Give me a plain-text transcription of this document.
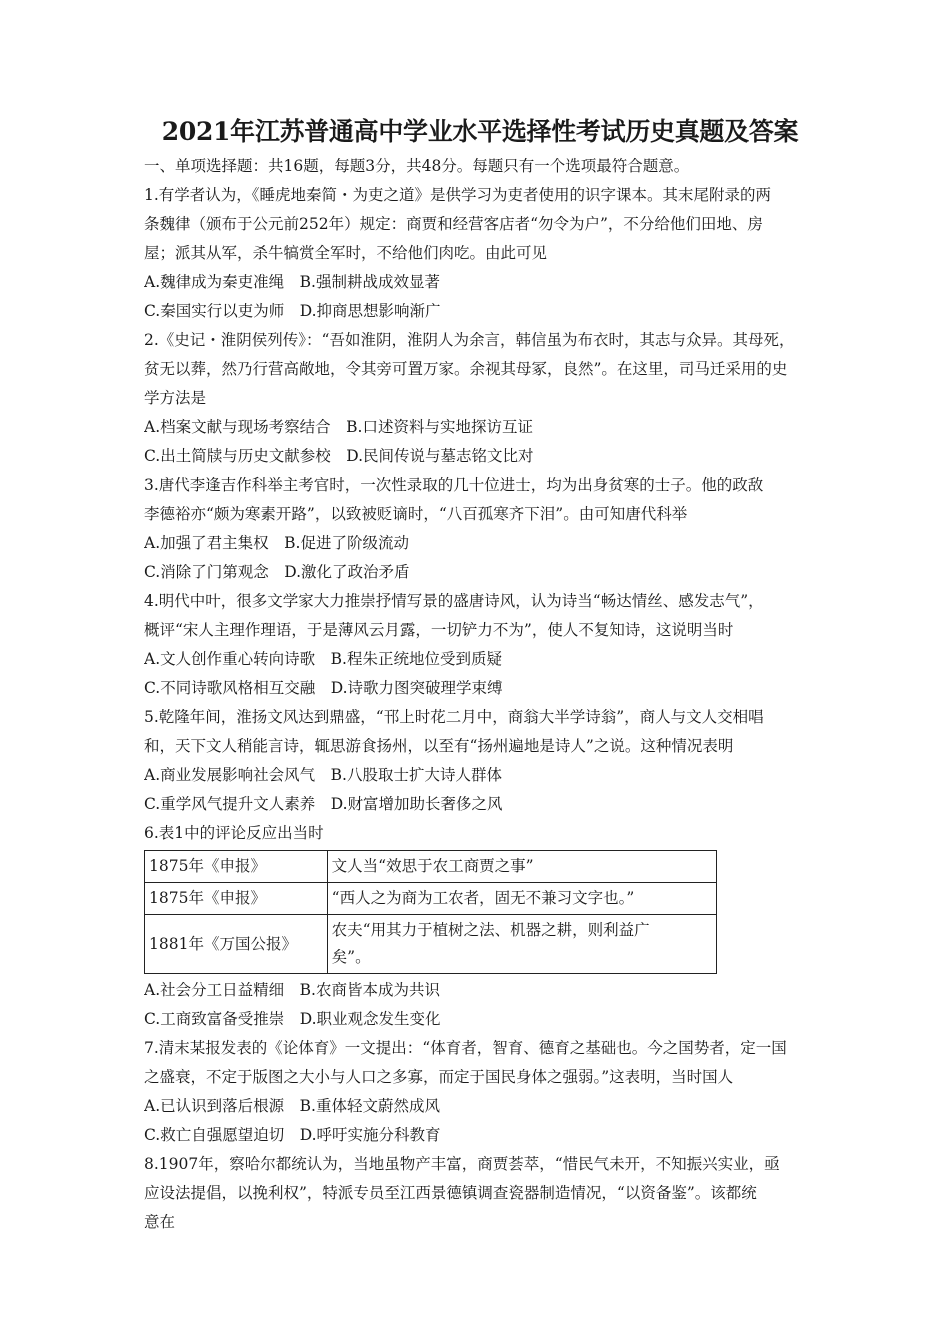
2021年江苏普通高中学业水平选择性考试历史真题及答案
一、单项选择题：共16题，每题3分，共48分。每题只有一个选项最符合题意。
1.有学者认为，《睡虎地秦简・为吏之道》是供学习为吏者使用的识字课本。其末尾附录的两
条魏律（颁布于公元前252年）规定：商贾和经营客店者“勿令为户”，不分给他们田地、房
屋；派其从军，杀牛犒赏全军时，不给他们肉吃。由此可见
A.魏律成为秦吏准绳　B.强制耕战成效显著
C.秦国实行以吏为师　D.抑商思想影响渐广
2.《史记・淮阴侯列传》：“吾如淮阴，淮阴人为余言，韩信虽为布衣时，其志与众异。其母死，
贫无以葬，然乃行营高敞地，令其旁可置万家。余视其母冢，良然”。在这里，司马迁采用的史
学方法是
A.档案文献与现场考察结合　B.口述资料与实地探访互证
C.出土简牍与历史文献参校　D.民间传说与墓志铭文比对
3.唐代李逢吉作科举主考官时，一次性录取的几十位进士，均为出身贫寒的士子。他的政敌
李德裕亦“颇为寒素开路”，以致被贬谪时，“八百孤寒齐下泪”。由可知唐代科举
A.加强了君主集权　B.促进了阶级流动
C.消除了门第观念　D.激化了政治矛盾
4.明代中叶，很多文学家大力推崇抒情写景的盛唐诗风，认为诗当“畅达情丝、感发志气”，
概评“宋人主理作理语，于是薄风云月露，一切铲力不为”，使人不复知诗，这说明当时
A.文人创作重心转向诗歌　B.程朱正统地位受到质疑
C.不同诗歌风格相互交融　D.诗歌力图突破理学束缚
5.乾隆年间，淮扬文风达到鼎盛，“邗上时花二月中，商翁大半学诗翁”，商人与文人交相唱
和，天下文人稍能言诗，辄思游食扬州，以至有“扬州遍地是诗人”之说。这种情况表明
A.商业发展影响社会风气　B.八股取士扩大诗人群体
C.重学风气提升文人素养　D.财富增加助长奢侈之风
6.表1中的评论反应出当时
1875年《申报》	文人当“效思于农工商贾之事”
1875年《申报》	“西人之为商为工农者，固无不兼习文字也。”
1881年《万国公报》	农夫“用其力于植树之法、机器之耕，则利益广
矣”。
A.社会分工日益精细　B.农商皆本成为共识
C.工商致富备受推崇　D.职业观念发生变化
7.清末某报发表的《论体育》一文提出：“体育者，智育、德育之基础也。今之国势者，定一国
之盛衰，不定于版图之大小与人口之多寡，而定于国民身体之强弱。”这表明，当时国人
A.已认识到落后根源　B.重体轻文蔚然成风
C.救亡自强愿望迫切　D.呼吁实施分科教育
8.1907年，察哈尔都统认为，当地虽物产丰富，商贾荟萃，“惜民气未开，不知振兴实业，亟
应设法提倡，以挽利权”，特派专员至江西景德镇调查瓷器制造情况，“以资备鉴”。该都统
意在
